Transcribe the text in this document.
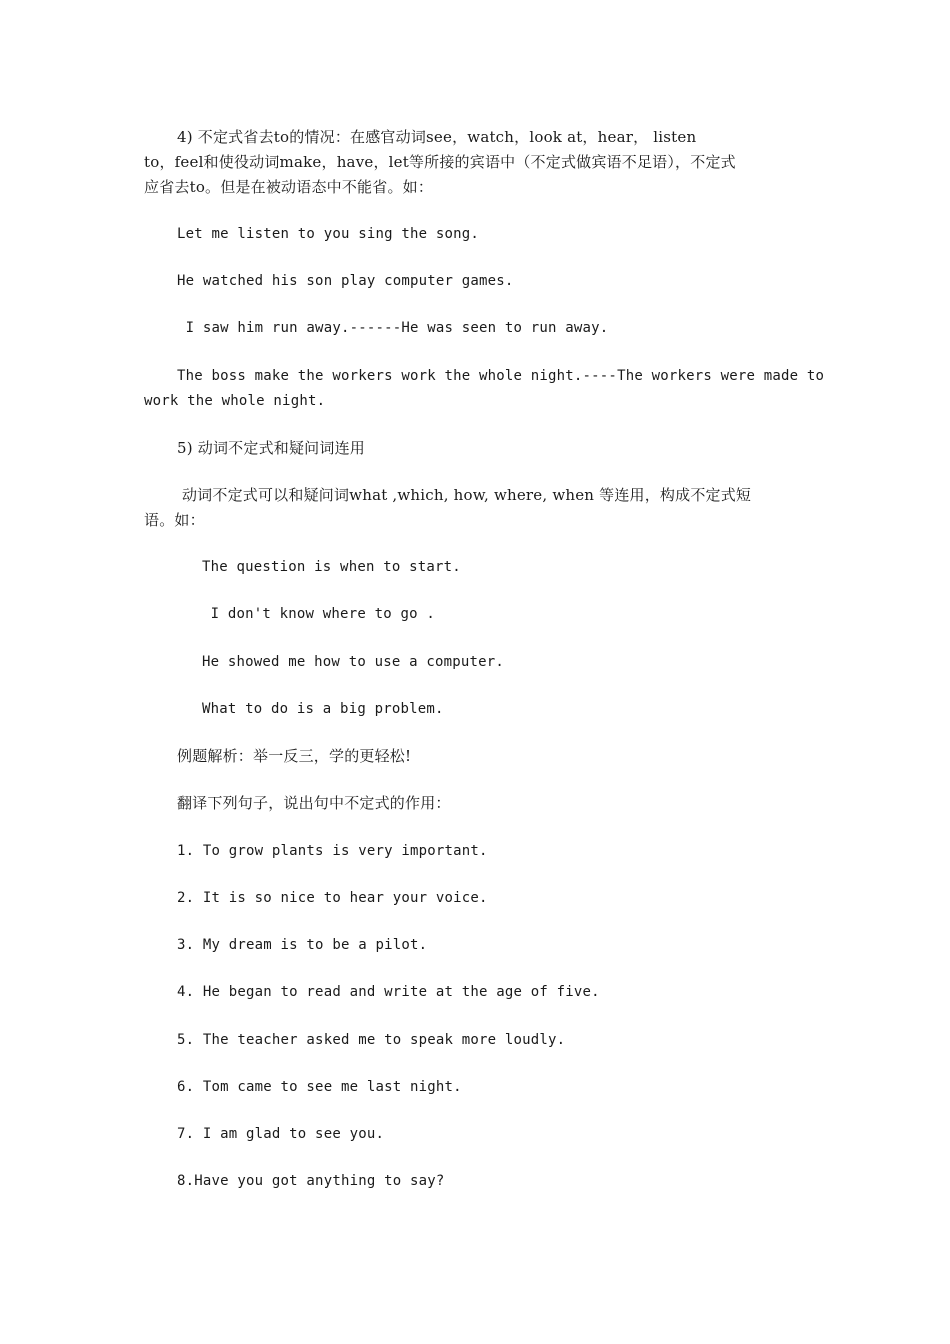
4) 不定式省去to的情况：在感官动词see，watch，look at，hear， listen
to，feel和使役动词make，have，let等所接的宾语中（不定式做宾语不足语），不定式
应省去to。但是在被动语态中不能省。如：
Let me listen to you sing the song.
He watched his son play computer games.
I saw him run away.------He was seen to run away.
The boss make the workers work the whole night.----The workers were made to
work the whole night.
5) 动词不定式和疑问词连用
动词不定式可以和疑问词what ,which, how, where, when 等连用，构成不定式短
语。如：
The question is when to start.
I don't know where to go .
He showed me how to use a computer.
What to do is a big problem.
例题解析：举一反三，学的更轻松!
翻译下列句子，说出句中不定式的作用：
1. To grow plants is very important.
2. It is so nice to hear your voice.
3. My dream is to be a pilot.
4. He began to read and write at the age of five.
5. The teacher asked me to speak more loudly.
6. Tom came to see me last night.
7. I am glad to see you.
8.Have you got anything to say?
